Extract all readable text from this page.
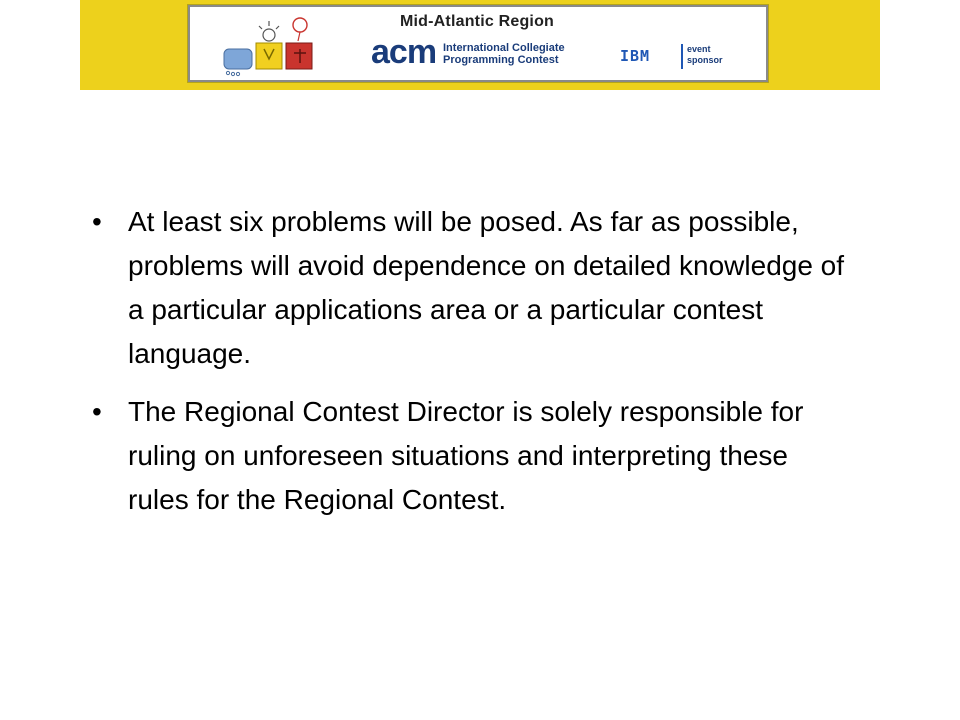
Mid-Atlantic Region
acm International Collegiate
Programming Contest	IBM	event
sponsor
• At least six problems will be posed. As far as possible, problems will avoid dependence on detailed knowledge of a particular applications area or a particular contest language.
• The Regional Contest Director is solely responsible for ruling on unforeseen situations and interpreting these rules for the Regional Contest.
